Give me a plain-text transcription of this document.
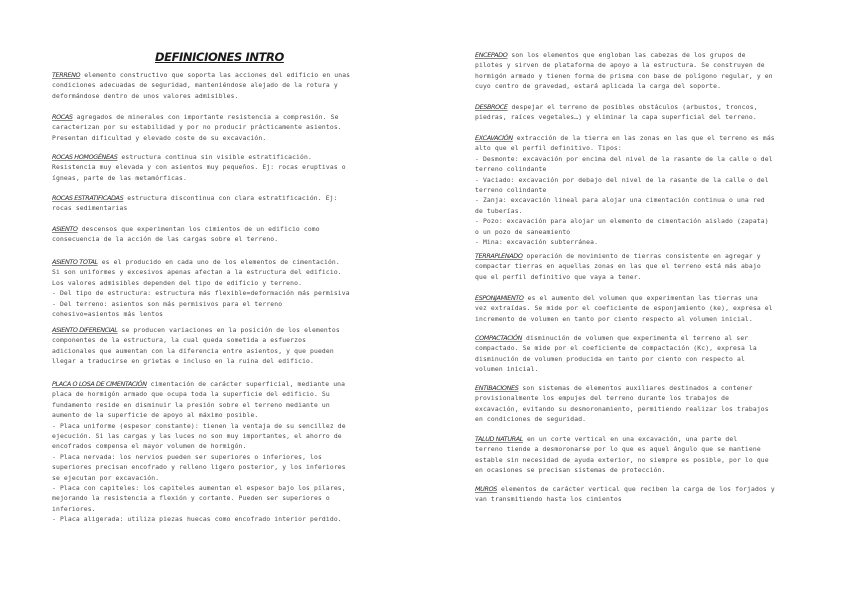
DEFINICIONES INTRO
TERRENO elemento constructivo que soporta las acciones del edificio en unas
condiciones adecuadas de seguridad, manteniéndose alejado de la rotura y
deformándose dentro de unos valores admisibles.
ROCAS agregados de minerales con importante resistencia a compresión. Se
caracterizan por su estabilidad y por no producir prácticamente asientos.
Presentan dificultad y elevado coste de su excavación.
ROCAS HOMOGÉNEAS estructura continua sin visible estratificación.
Resistencia muy elevada y con asientos muy pequeños. Ej: rocas eruptivas o
ígneas, parte de las metamórficas.
ROCAS ESTRATIFICADAS estructura discontinua con clara estratificación. Ej:
rocas sedimentarias
ASIENTO descensos que experimentan los cimientos de un edificio como
consecuencia de la acción de las cargas sobre el terreno.
ASIENTO TOTAL es el producido en cada uno de los elementos de cimentación.
Si son uniformes y excesivos apenas afectan a la estructura del edificio.
Los valores admisibles dependen del tipo de edificio y terreno.
- Del tipo de estructura: estructura más flexible=deformación más permisiva
- Del terreno: asientos son más permisivos para el terreno
cohesivo=asientos más lentos
ASIENTO DIFERENCIAL se producen variaciones en la posición de los elementos
componentes de la estructura, la cual queda sometida a esfuerzos
adicionales que aumentan con la diferencia entre asientos, y que pueden
llegar a traducirse en grietas e incluso en la ruina del edificio.
PLACA O LOSA DE CIMENTACIÓN cimentación de carácter superficial, mediante una
placa de hormigón armado que ocupa toda la superficie del edificio. Su
fundamento reside en disminuir la presión sobre el terreno mediante un
aumento de la superficie de apoyo al máximo posible.
- Placa uniforme (espesor constante): tienen la ventaja de su sencillez de
ejecución. Si las cargas y las luces no son muy importantes, el ahorro de
encofrados compensa el mayor volumen de hormigón.
- Placa nervada: los nervios pueden ser superiores o inferiores, los
superiores precisan encofrado y relleno ligero posterior, y los inferiores
se ejecutan por excavación.
- Placa con capiteles: los capiteles aumentan el espesor bajo los pilares,
mejorando la resistencia a flexión y cortante. Pueden ser superiores o
inferiores.
- Placa aligerada: utiliza piezas huecas como encofrado interior perdido.
ENCEPADO son los elementos que engloban las cabezas de los grupos de
pilotes y sirven de plataforma de apoyo a la estructura. Se construyen de
hormigón armado y tienen forma de prisma con base de polígono regular, y en
cuyo centro de gravedad, estará aplicada la carga del soporte.
DESBROCE despejar el terreno de posibles obstáculos (arbustos, troncos,
piedras, raíces vegetales…) y eliminar la capa superficial del terreno.
EXCAVACIÓN extracción de la tierra en las zonas en las que el terreno es más
alto que el perfil definitivo. Tipos:
- Desmonte: excavación por encima del nivel de la rasante de la calle o del
terreno colindante
- Vaciado: excavación por debajo del nivel de la rasante de la calle o del
terreno colindante
- Zanja: excavación lineal para alojar una cimentación continua o una red
de tuberías.
- Pozo: excavación para alojar un elemento de cimentación aislado (zapata)
o un pozo de saneamiento
- Mina: excavación subterránea.
TERRAPLENADO operación de movimiento de tierras consistente en agregar y
compactar tierras en aquellas zonas en las que el terreno está más abajo
que el perfil definitivo que vaya a tener.
ESPONJAMIENTO es el aumento del volumen que experimentan las tierras una
vez extraídas. Se mide por el coeficiente de esponjamiento (ke), expresa el
incremento de volumen en tanto por ciento respecto al volumen inicial.
COMPACTACIÓN disminución de volumen que experimenta el terreno al ser
compactado. Se mide por el coeficiente de compactación (Kc), expresa la
disminución de volumen producida en tanto por ciento con respecto al
volumen inicial.
ENTIBACIONES son sistemas de elementos auxiliares destinados a contener
provisionalmente los empujes del terreno durante los trabajos de
excavación, evitando su desmoronamiento, permitiendo realizar los trabajos
en condiciones de seguridad.
TALUD NATURAL en un corte vertical en una excavación, una parte del
terreno tiende a desmoronarse por lo que es aquel ángulo que se mantiene
estable sin necesidad de ayuda exterior, no siempre es posible, por lo que
en ocasiones se precisan sistemas de protección.
MUROS elementos de carácter vertical que reciben la carga de los forjados y
van transmitiendo hasta los cimientos
